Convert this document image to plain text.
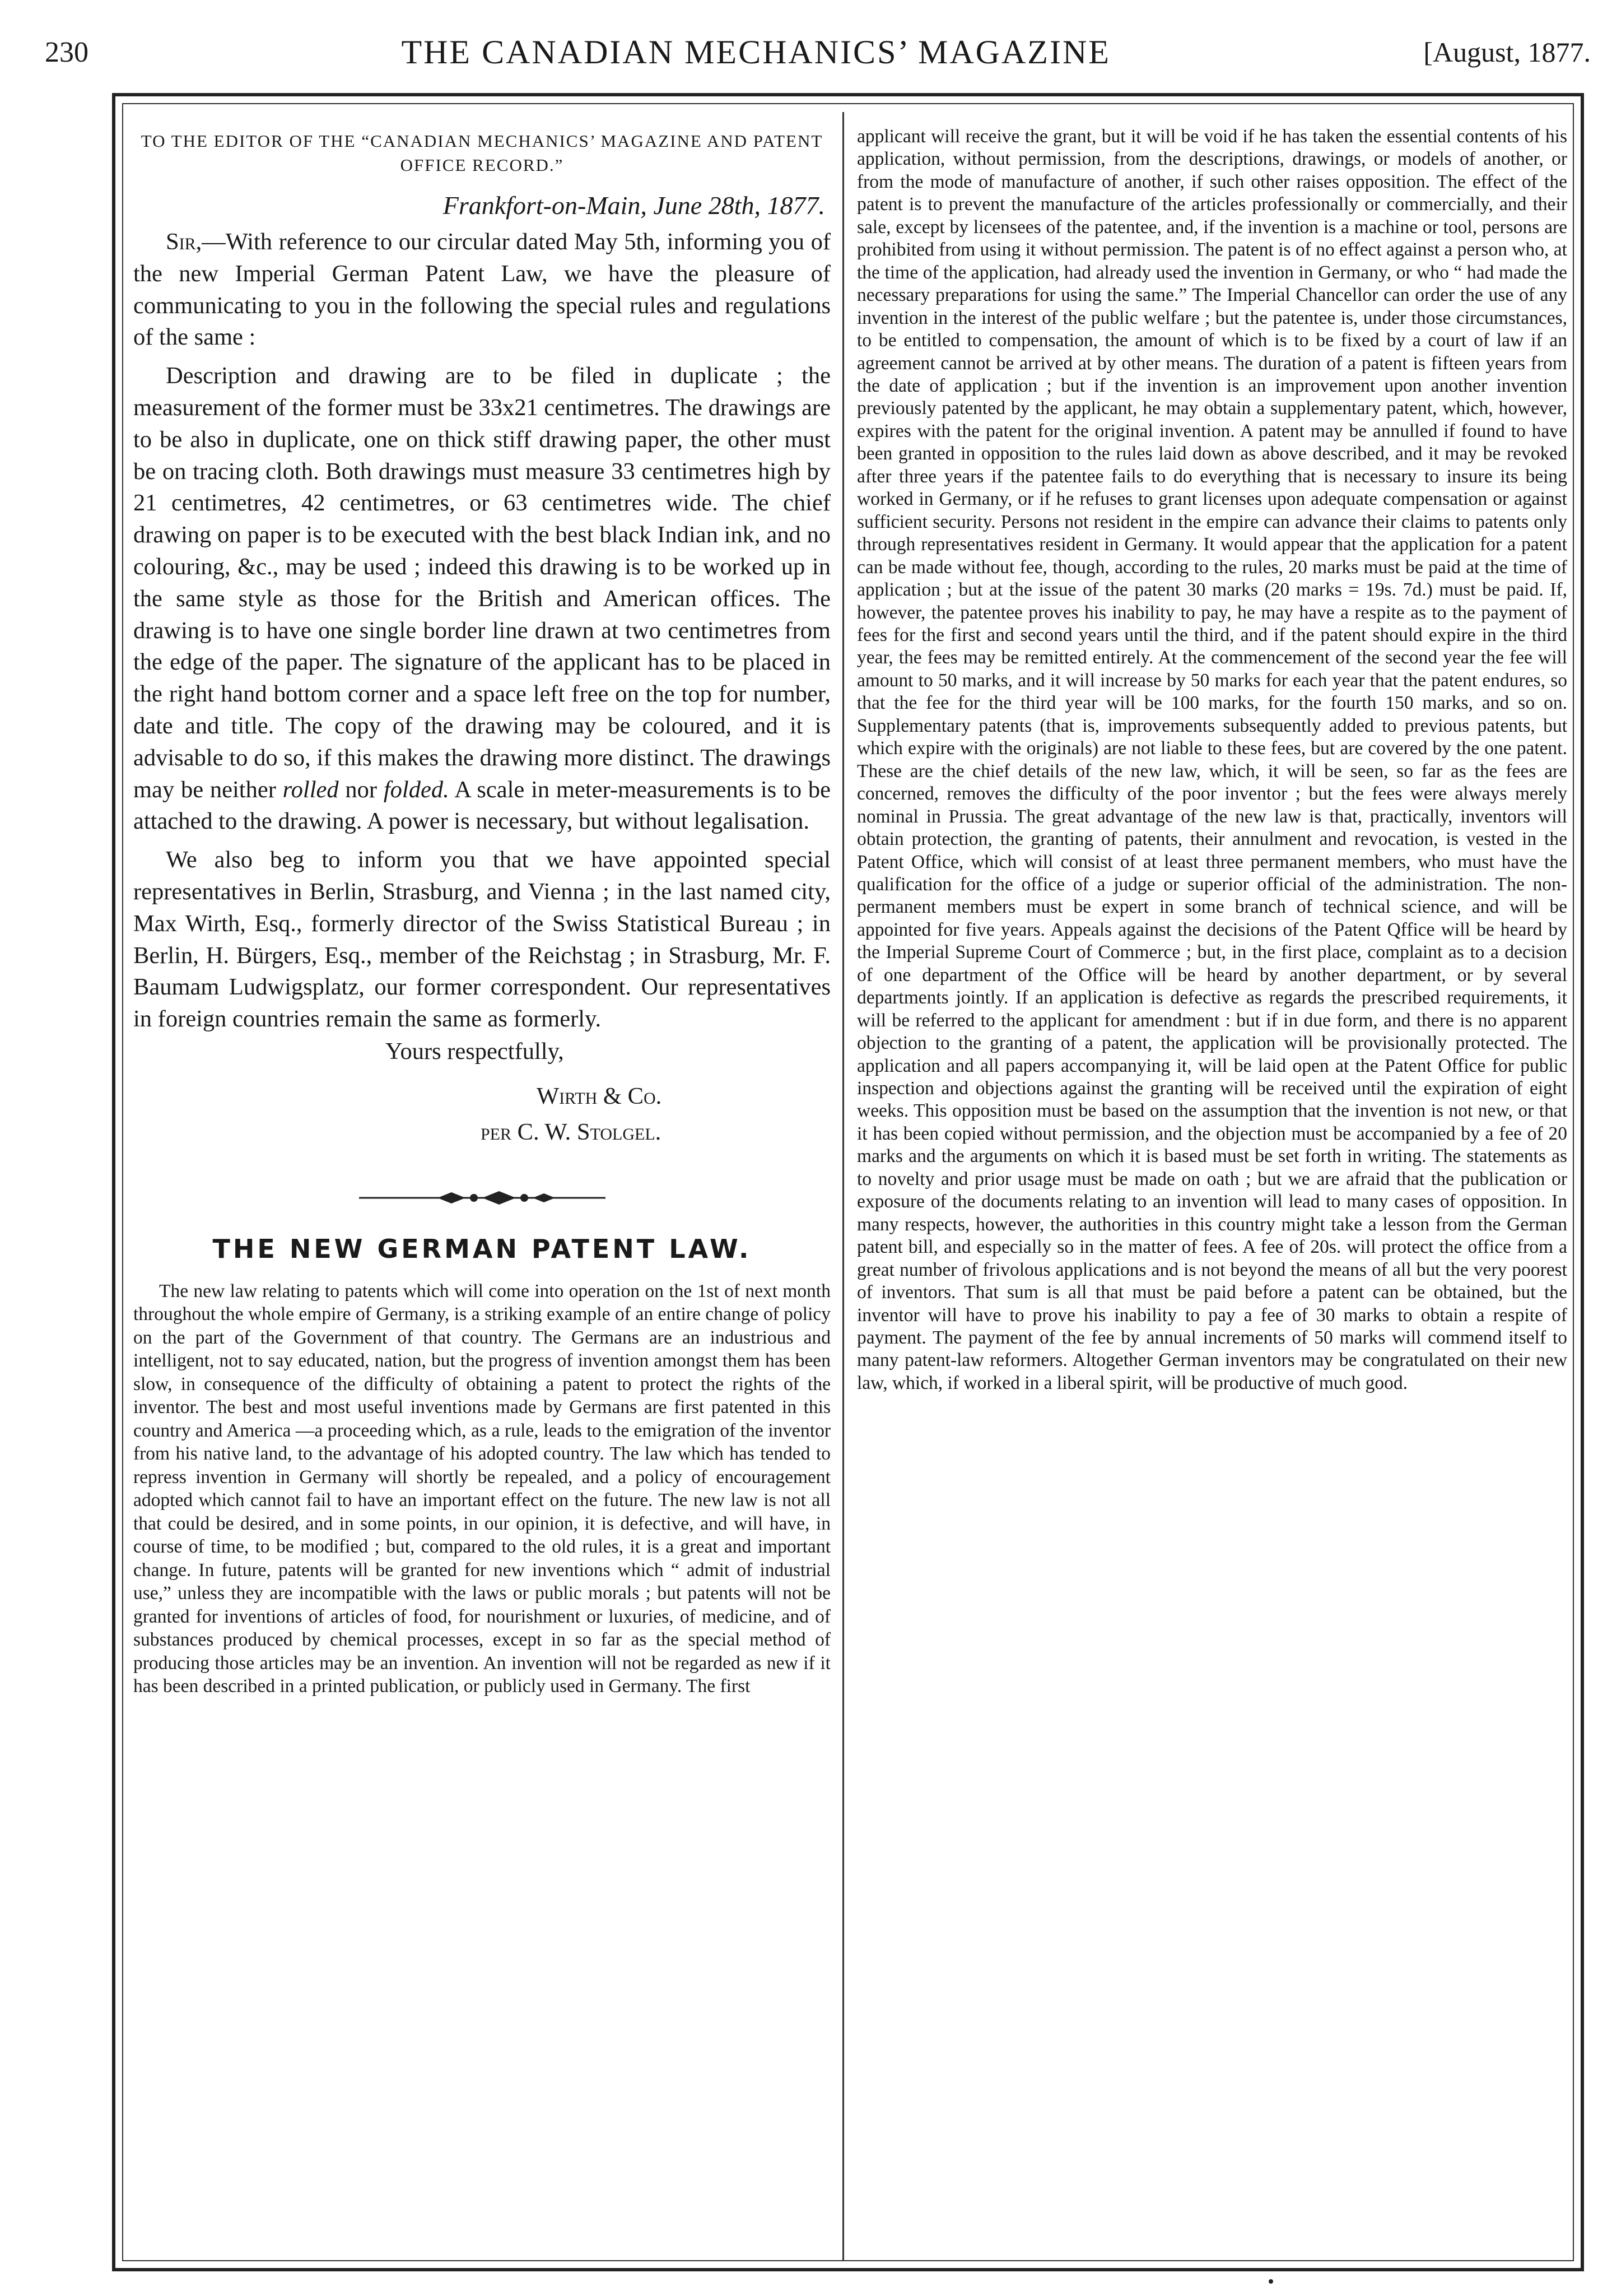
230	THE CANADIAN MECHANICS’ MAGAZINE	[August, 1877.

TO THE EDITOR OF THE “CANADIAN MECHANICS’ MAGAZINE AND PATENT OFFICE RECORD.”

Frankfort-on-Main, June 28th, 1877.

Sir,—With reference to our circular dated May 5th, informing you of the new Imperial German Patent Law, we have the pleasure of communicating to you in the following the special rules and regulations of the same :

Description and drawing are to be filed in duplicate ; the measurement of the former must be 33x21 centimetres. The drawings are to be also in duplicate, one on thick stiff drawing paper, the other must be on tracing cloth. Both drawings must measure 33 centimetres high by 21 centimetres, 42 centimetres, or 63 centimetres wide. The chief drawing on paper is to be executed with the best black Indian ink, and no colouring, &c., may be used ; indeed this drawing is to be worked up in the same style as those for the British and American offices. The drawing is to have one single border line drawn at two centimetres from the edge of the paper. The signature of the applicant has to be placed in the right hand bottom corner and a space left free on the top for number, date and title. The copy of the drawing may be coloured, and it is advisable to do so, if this makes the drawing more distinct. The drawings may be neither rolled nor folded. A scale in meter-measurements is to be attached to the drawing. A power is necessary, but without legalisation.

We also beg to inform you that we have appointed special representatives in Berlin, Strasburg, and Vienna ; in the last named city, Max Wirth, Esq., formerly director of the Swiss Statistical Bureau ; in Berlin, H. Bürgers, Esq., member of the Reichstag ; in Strasburg, Mr. F. Baumam Ludwigsplatz, our former correspondent. Our representatives in foreign countries remain the same as formerly.

Yours respectfully,
Wirth & Co.
per C. W. Stolgel.
THE NEW GERMAN PATENT LAW.

The new law relating to patents which will come into operation on the 1st of next month throughout the whole empire of Germany, is a striking example of an entire change of policy on the part of the Government of that country. The Germans are an industrious and intelligent, not to say educated, nation, but the progress of invention amongst them has been slow, in consequence of the difficulty of obtaining a patent to protect the rights of the inventor. The best and most useful inventions made by Germans are first patented in this country and America —a proceeding which, as a rule, leads to the emigration of the inventor from his native land, to the advantage of his adopted country. The law which has tended to repress invention in Germany will shortly be repealed, and a policy of encouragement adopted which cannot fail to have an important effect on the future. The new law is not all that could be desired, and in some points, in our opinion, it is defective, and will have, in course of time, to be modified ; but, compared to the old rules, it is a great and important change. In future, patents will be granted for new inventions which “ admit of industrial use,” unless they are incompatible with the laws or public morals ; but patents will not be granted for inventions of articles of food, for nourishment or luxuries, of medicine, and of substances produced by chemical processes, except in so far as the special method of producing those articles may be an invention. An invention will not be regarded as new if it has been described in a printed publication, or publicly used in Germany. The first

applicant will receive the grant, but it will be void if he has taken the essential contents of his application, without permission, from the descriptions, drawings, or models of another, or from the mode of manufacture of another, if such other raises opposition. The effect of the patent is to prevent the manufacture of the articles professionally or commercially, and their sale, except by licensees of the patentee, and, if the invention is a machine or tool, persons are prohibited from using it without permission. The patent is of no effect against a person who, at the time of the application, had already used the invention in Germany, or who “ had made the necessary preparations for using the same.” The Imperial Chancellor can order the use of any invention in the interest of the public welfare ; but the patentee is, under those circumstances, to be entitled to compensation, the amount of which is to be fixed by a court of law if an agreement cannot be arrived at by other means. The duration of a patent is fifteen years from the date of application ; but if the invention is an improvement upon another invention previously patented by the applicant, he may obtain a supplementary patent, which, however, expires with the patent for the original invention. A patent may be annulled if found to have been granted in opposition to the rules laid down as above described, and it may be revoked after three years if the patentee fails to do everything that is necessary to insure its being worked in Germany, or if he refuses to grant licenses upon adequate compensation or against sufficient security. Persons not resident in the empire can advance their claims to patents only through representatives resident in Germany. It would appear that the application for a patent can be made without fee, though, according to the rules, 20 marks must be paid at the time of application ; but at the issue of the patent 30 marks (20 marks = 19s. 7d.) must be paid. If, however, the patentee proves his inability to pay, he may have a respite as to the payment of fees for the first and second years until the third, and if the patent should expire in the third year, the fees may be remitted entirely. At the commencement of the second year the fee will amount to 50 marks, and it will increase by 50 marks for each year that the patent endures, so that the fee for the third year will be 100 marks, for the fourth 150 marks, and so on. Supplementary patents (that is, improvements subsequently added to previous patents, but which expire with the originals) are not liable to these fees, but are covered by the one patent. These are the chief details of the new law, which, it will be seen, so far as the fees are concerned, removes the difficulty of the poor inventor ; but the fees were always merely nominal in Prussia. The great advantage of the new law is that, practically, inventors will obtain protection, the granting of patents, their annulment and revocation, is vested in the Patent Office, which will consist of at least three permanent members, who must have the qualification for the office of a judge or superior official of the administration. The non-permanent members must be expert in some branch of technical science, and will be appointed for five years. Appeals against the decisions of the Patent Qffice will be heard by the Imperial Supreme Court of Commerce ; but, in the first place, complaint as to a decision of one department of the Office will be heard by another department, or by several departments jointly. If an application is defective as regards the prescribed requirements, it will be referred to the applicant for amendment : but if in due form, and there is no apparent objection to the granting of a patent, the application will be provisionally protected. The application and all papers accompanying it, will be laid open at the Patent Office for public inspection and objections against the granting will be received until the expiration of eight weeks. This opposition must be based on the assumption that the invention is not new, or that it has been copied without permission, and the objection must be accompanied by a fee of 20 marks and the arguments on which it is based must be set forth in writing. The statements as to novelty and prior usage must be made on oath ; but we are afraid that the publication or exposure of the documents relating to an invention will lead to many cases of opposition. In many respects, however, the authorities in this country might take a lesson from the German patent bill, and especially so in the matter of fees. A fee of 20s. will protect the office from a great number of frivolous applications and is not beyond the means of all but the very poorest of inventors. That sum is all that must be paid before a patent can be obtained, but the inventor will have to prove his inability to pay a fee of 30 marks to obtain a respite of payment. The payment of the fee by annual increments of 50 marks will commend itself to many patent-law reformers. Altogether German inventors may be congratulated on their new law, which, if worked in a liberal spirit, will be productive of much good.
